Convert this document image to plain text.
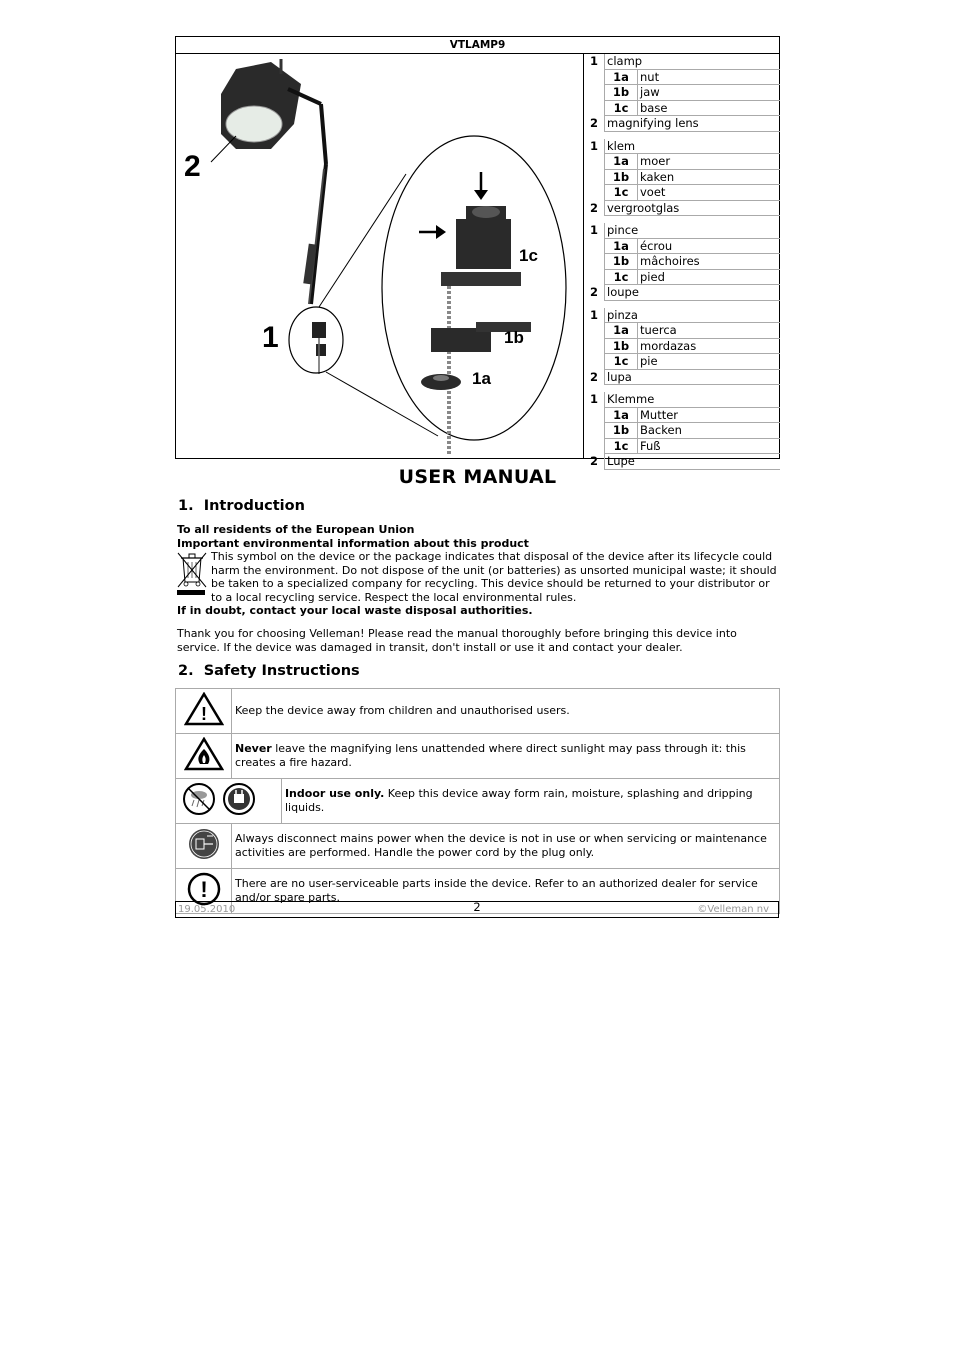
VTLAMP9
2
1
1c
1b
1a
1 clamp
1a nut
1b jaw
1c	base
2 magnifying lens
1 klem
1a moer
1b kaken
1c	voet
2 vergrootglas
1 pince
1a écrou
1b mâchoires
1c	pied
2 loupe
1 pinza
1a tuerca
1b mordazas
1c	pie
2 lupa
1 Klemme
1a Mutter
1b Backen
1c	Fuß
2 Lupe
USER MANUAL
1.  Introduction
To all residents of the European Union
Important environmental information about this product
This symbol on the device or the package indicates that disposal of the device after its lifecycle could harm the environment. Do not dispose of the unit (or batteries) as unsorted municipal waste; it should be taken to a specialized company for recycling. This device should be returned to your distributor or to a local recycling service. Respect the local environmental rules.
If in doubt, contact your local waste disposal authorities.

Thank you for choosing Velleman! Please read the manual thoroughly before bringing this device into service. If the device was damaged in transit, don't install or use it and contact your dealer.

2.  Safety Instructions
!	Keep the device away from children and unauthorised users.	
	Never leave the magnifying lens unattended where direct sunlight may pass through it: this creates a fire hazard.	
	Indoor use only. Keep this device away form rain, moisture, splashing and dripping liquids.
	Always disconnect mains power when the device is not in use or when servicing or maintenance activities are performed. Handle the power cord by the plug only.	

!	There are no user-serviceable parts inside the device. Refer to an authorized dealer for service and/or spare parts.	
19.05.2010	2	©Velleman nv
